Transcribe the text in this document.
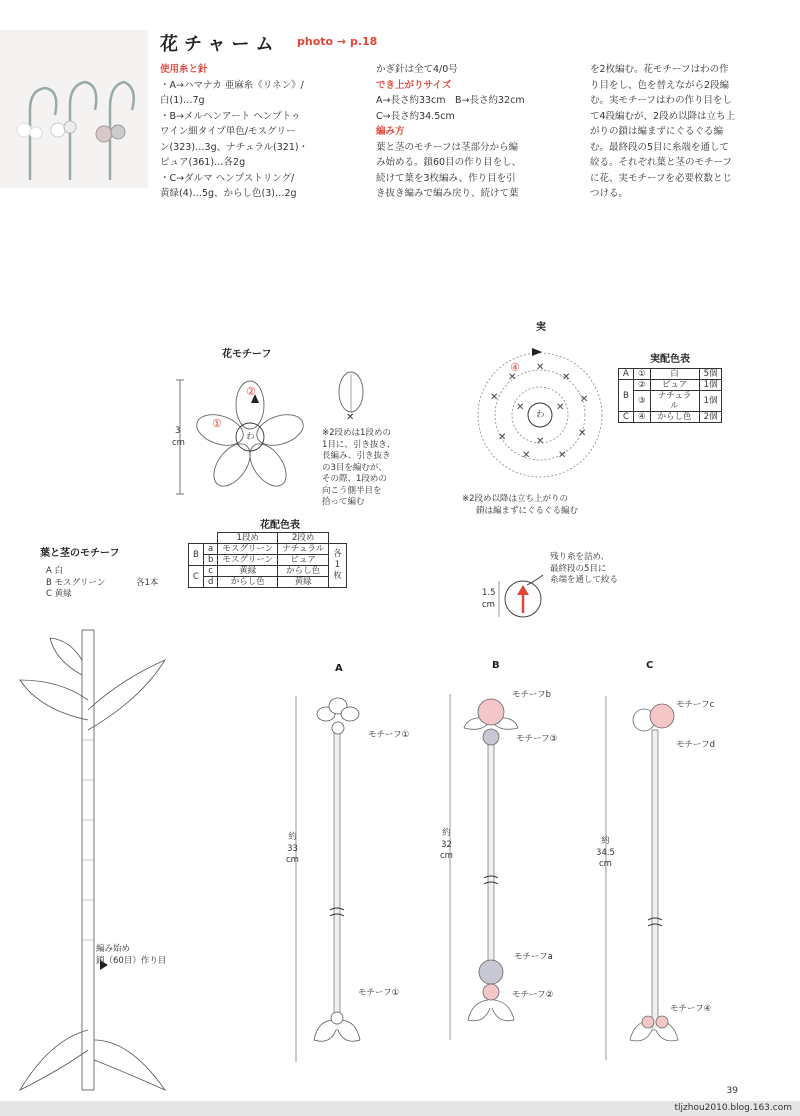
花チャーム photo → p.18

使用糸と針

・A→ハマナカ 亜麻糸《リネン》/

白(1)…7g

・B→メルヘンアート ヘンプトゥ

ワイン細タイプ単色/モスグリー

ン(323)…3g、ナチュラル(321)・

ピュア(361)…各2g

・C→ダルマ ヘンプストリング/

黄緑(4)…5g、からし色(3)…2g

かぎ針は全て4/0号

でき上がりサイズ

A→長さ約33cm　B→長さ約32cm

C→長さ約34.5cm

編み方

葉と茎のモチーフは茎部分から編

み始める。鎖60目の作り目をし、

続けて葉を3枚編み、作り目を引

き抜き編みで編み戻り、続けて葉

を2枚編む。花モチーフはわの作

り目をし、色を替えながら2段編

む。実モチーフはわの作り目をし

て4段編むが、2段め以降は立ち上

がりの鎖は編まずにぐるぐる編

む。最終段の5目に糸端を通して

絞る。それぞれ葉と茎のモチーフ

に花、実モチーフを必要枚数とじ

つける。

花モチーフ
3
cm
②
①
わ
✕
※2段めは1段めの
1目に、引き抜き、
長編み、引き抜き
の3目を編むが、
その際、1段めの
向こう側半目を
拾って編む
花配色表
		1段め	2段め	
B	a	モスグリーン	ナチュラル	各1枚
	b	モスグリーン	ピュア	
C	c	黄緑	からし色	
	d	からし色	黄緑	
実
✕
✕
✕
✕
✕
✕
✕
✕
✕
✕	✕
✕
④
わ
※2段め以降は立ち上がりの
鎖は編まずにぐるぐる編む
実配色表
A	①	白	5個
B	②	ピュア	1個
	③	ナチュラル	1個
C	④	からし色	2個
残り糸を詰め、
最終段の5目に
糸端を通して絞る
1.5
cm
葉と茎のモチーフ
A 白
B モスグリーン
C 黄緑
各1本
編み始め
鎖（60目）作り目
A
モチーフ①
約
33
cm
モチーフ①
B
モチーフb
モチーフ③
約
32
cm
モチーフa
モチーフ②
C
モチーフc
モチーフd
約
34.5
cm
モチーフ④
39
tljzhou2010.blog.163.com
